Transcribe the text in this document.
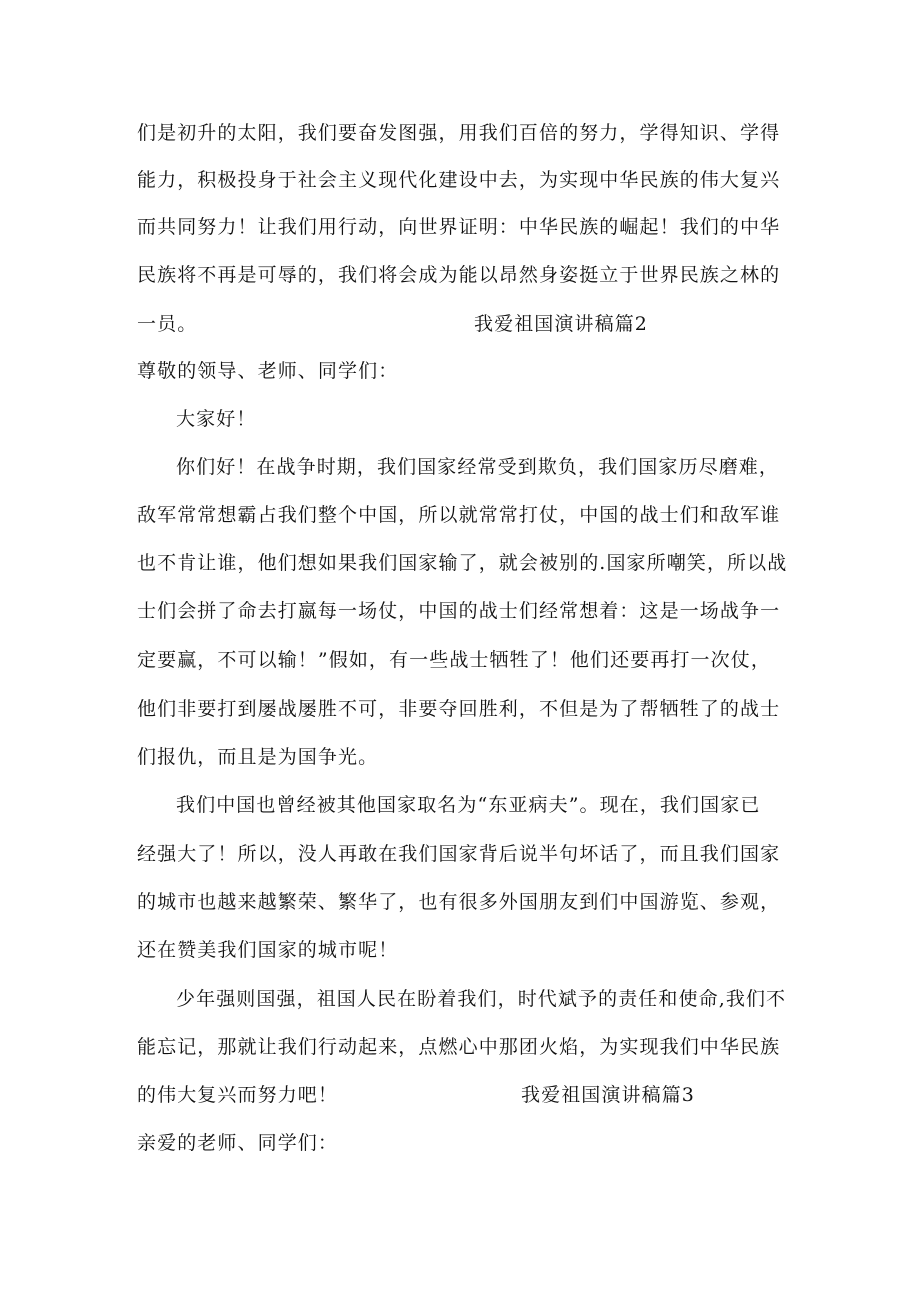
们是初升的太阳，我们要奋发图强，用我们百倍的努力，学得知识、学得
能力，积极投身于社会主义现代化建设中去，为实现中华民族的伟大复兴
而共同努力！让我们用行动，向世界证明：中华民族的崛起！我们的中华
民族将不再是可辱的，我们将会成为能以昂然身姿挺立于世界民族之林的
一员。	我爱祖国演讲稿篇2
尊敬的领导、老师、同学们：
大家好！
你们好！在战争时期，我们国家经常受到欺负，我们国家历尽磨难，
敌军常常想霸占我们整个中国，所以就常常打仗，中国的战士们和敌军谁
也不肯让谁，他们想如果我们国家输了，就会被别的.国家所嘲笑，所以战
士们会拼了命去打嬴每一场仗，中国的战士们经常想着：这是一场战争一
定要赢，不可以输！”假如，有一些战士牺牲了！他们还要再打一次仗，
他们非要打到屡战屡胜不可，非要夺回胜利，不但是为了帮牺牲了的战士
们报仇，而且是为国争光。
我们中国也曾经被其他国家取名为“东亚病夫”。现在，我们国家已
经强大了！所以，没人再敢在我们国家背后说半句坏话了，而且我们国家
的城市也越来越繁荣、繁华了，也有很多外国朋友到们中国游览、参观，
还在赞美我们国家的城市呢！
少年强则国强，祖国人民在盼着我们，时代斌予的责任和使命,我们不
能忘记，那就让我们行动起来，点燃心中那团火焰，为实现我们中华民族
的伟大复兴而努力吧！	我爱祖国演讲稿篇3
亲爱的老师、同学们：
